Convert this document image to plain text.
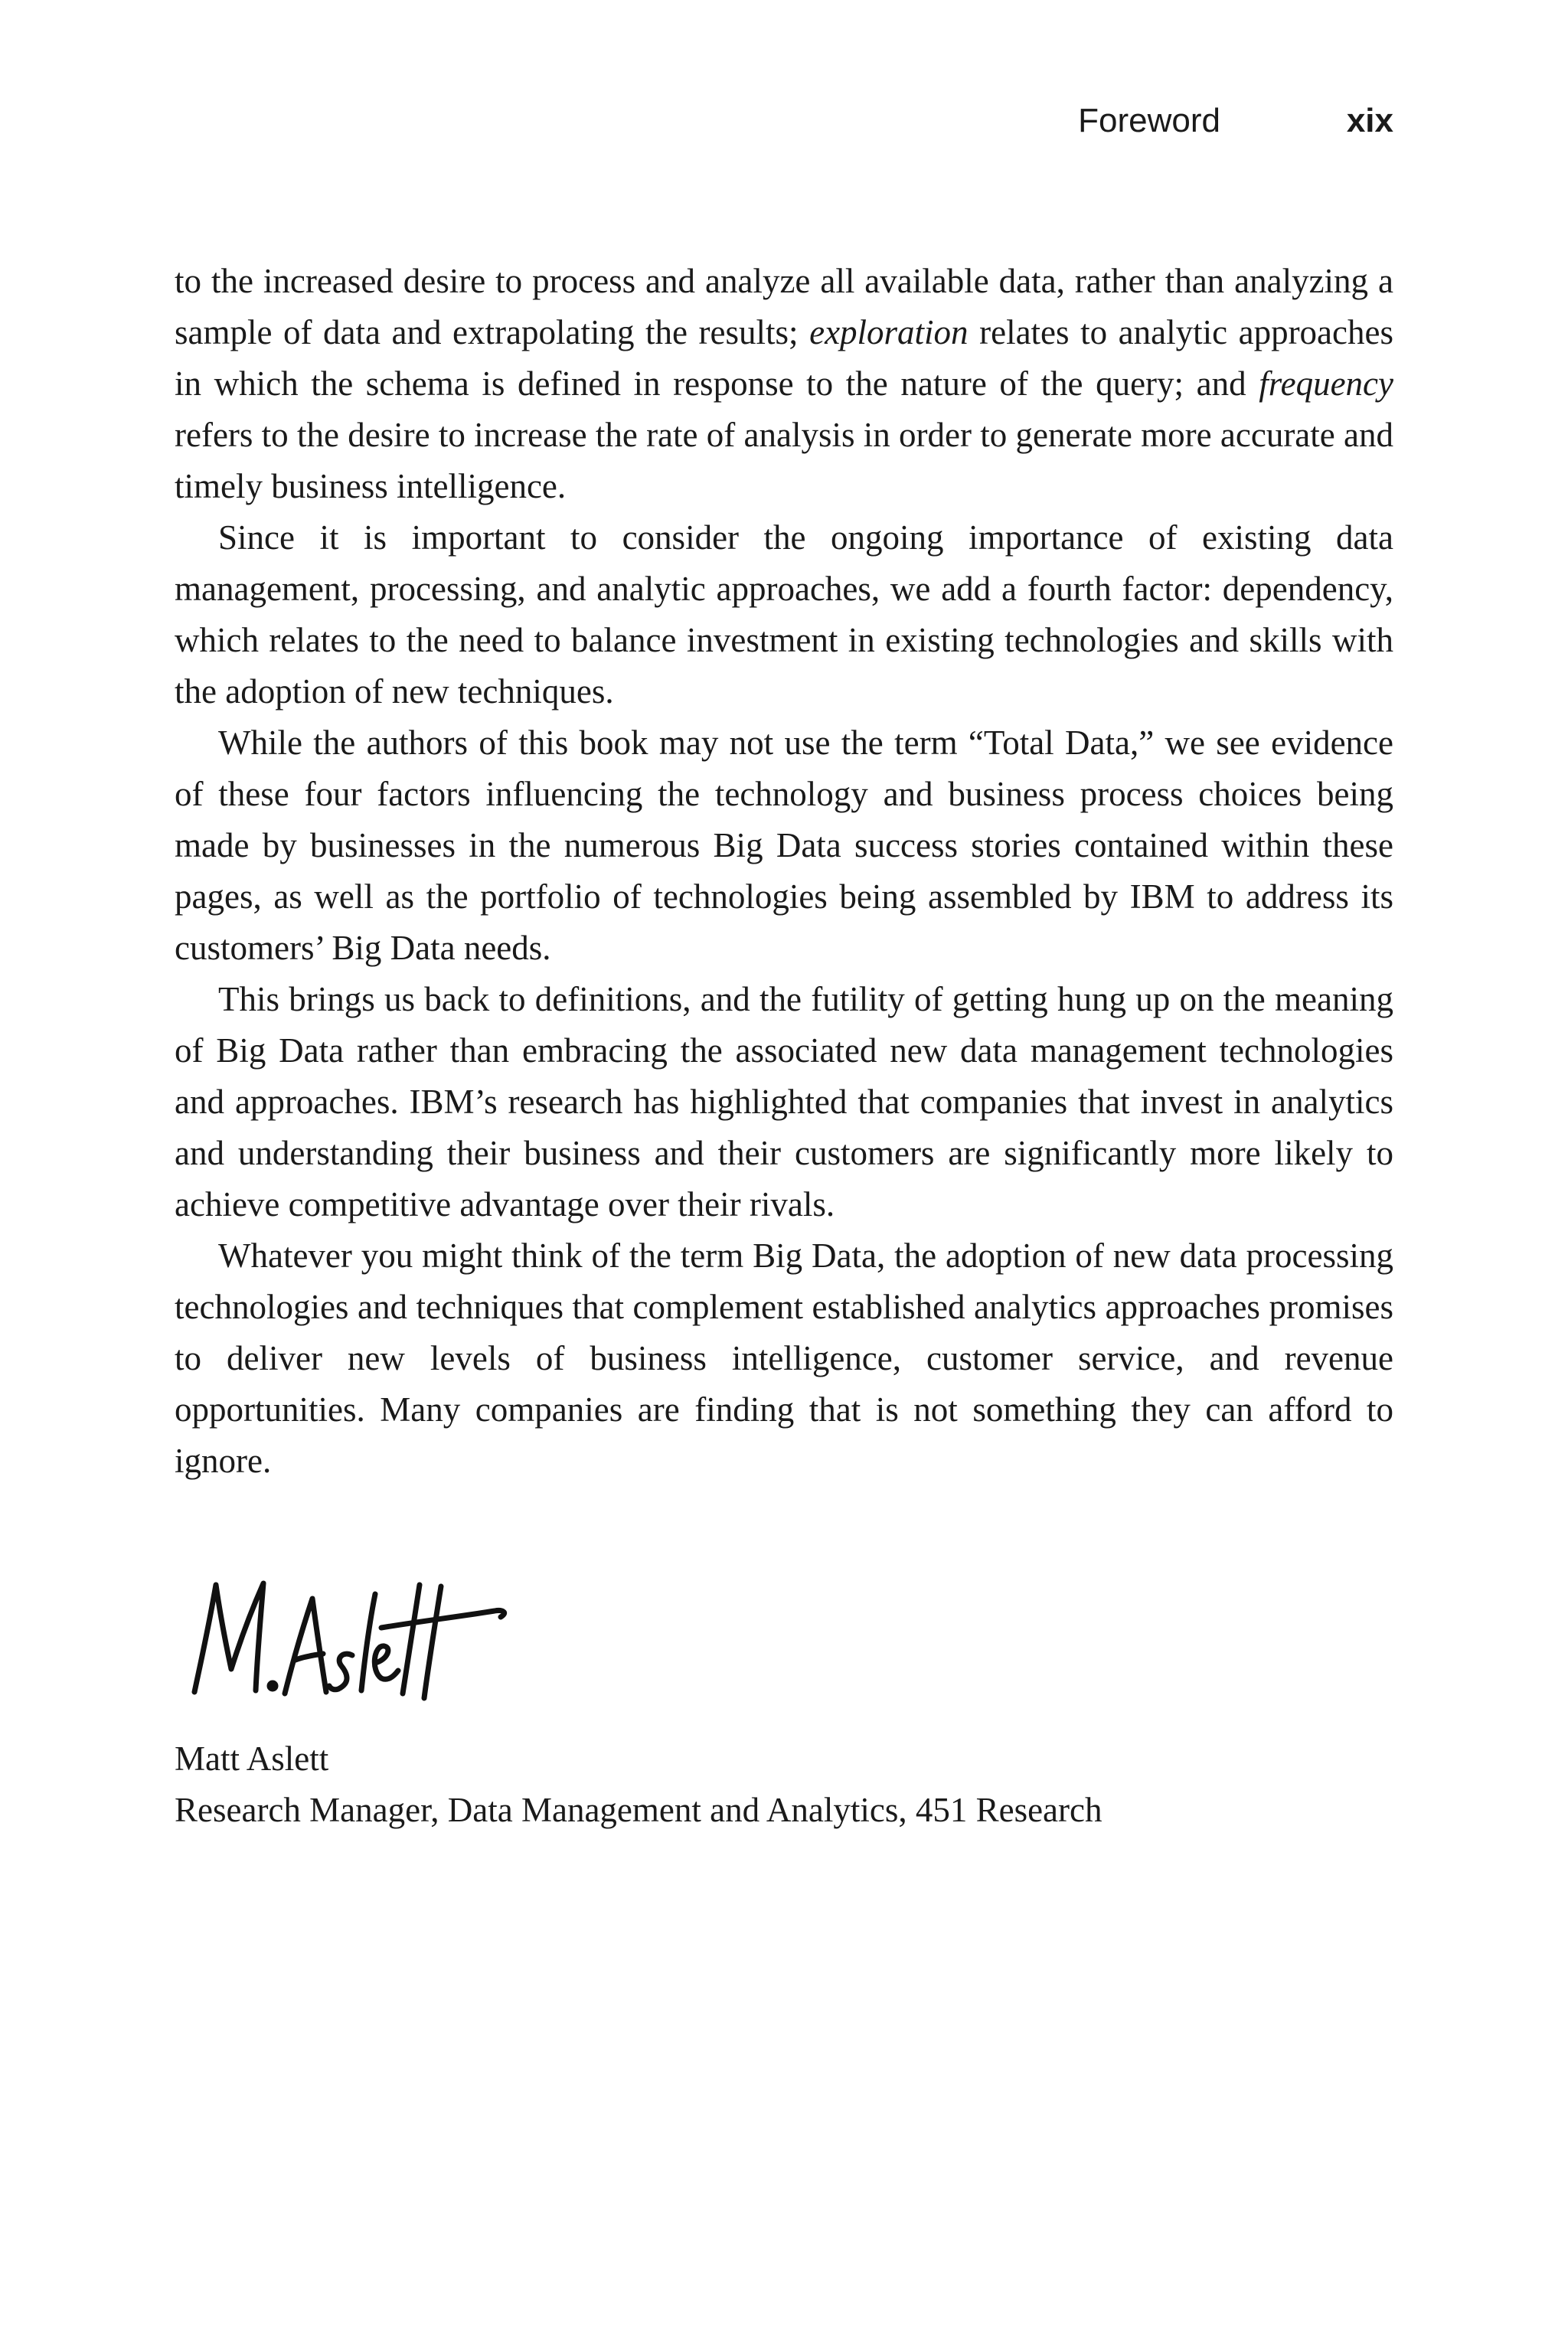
Foreword	xix

to the increased desire to process and analyze all available data, rather than analyzing a sample of data and extrapolating the results; exploration relates to analytic approaches in which the schema is defined in response to the nature of the query; and frequency refers to the desire to increase the rate of analysis in order to generate more accurate and timely business intelligence.

Since it is important to consider the ongoing importance of existing data management, processing, and analytic approaches, we add a fourth factor: dependency, which relates to the need to balance investment in existing technologies and skills with the adoption of new techniques.

While the authors of this book may not use the term “Total Data,” we see evidence of these four factors influencing the technology and business process choices being made by businesses in the numerous Big Data success stories contained within these pages, as well as the portfolio of technologies being assembled by IBM to address its customers’ Big Data needs.

This brings us back to definitions, and the futility of getting hung up on the meaning of Big Data rather than embracing the associated new data management technologies and approaches. IBM’s research has highlighted that companies that invest in analytics and understanding their business and their customers are significantly more likely to achieve competitive advantage over their rivals.

Whatever you might think of the term Big Data, the adoption of new data processing technologies and techniques that complement established analytics approaches promises to deliver new levels of business intelligence, customer service, and revenue opportunities. Many companies are finding that is not something they can afford to ignore.

Matt Aslett
Research Manager, Data Management and Analytics, 451 Research
